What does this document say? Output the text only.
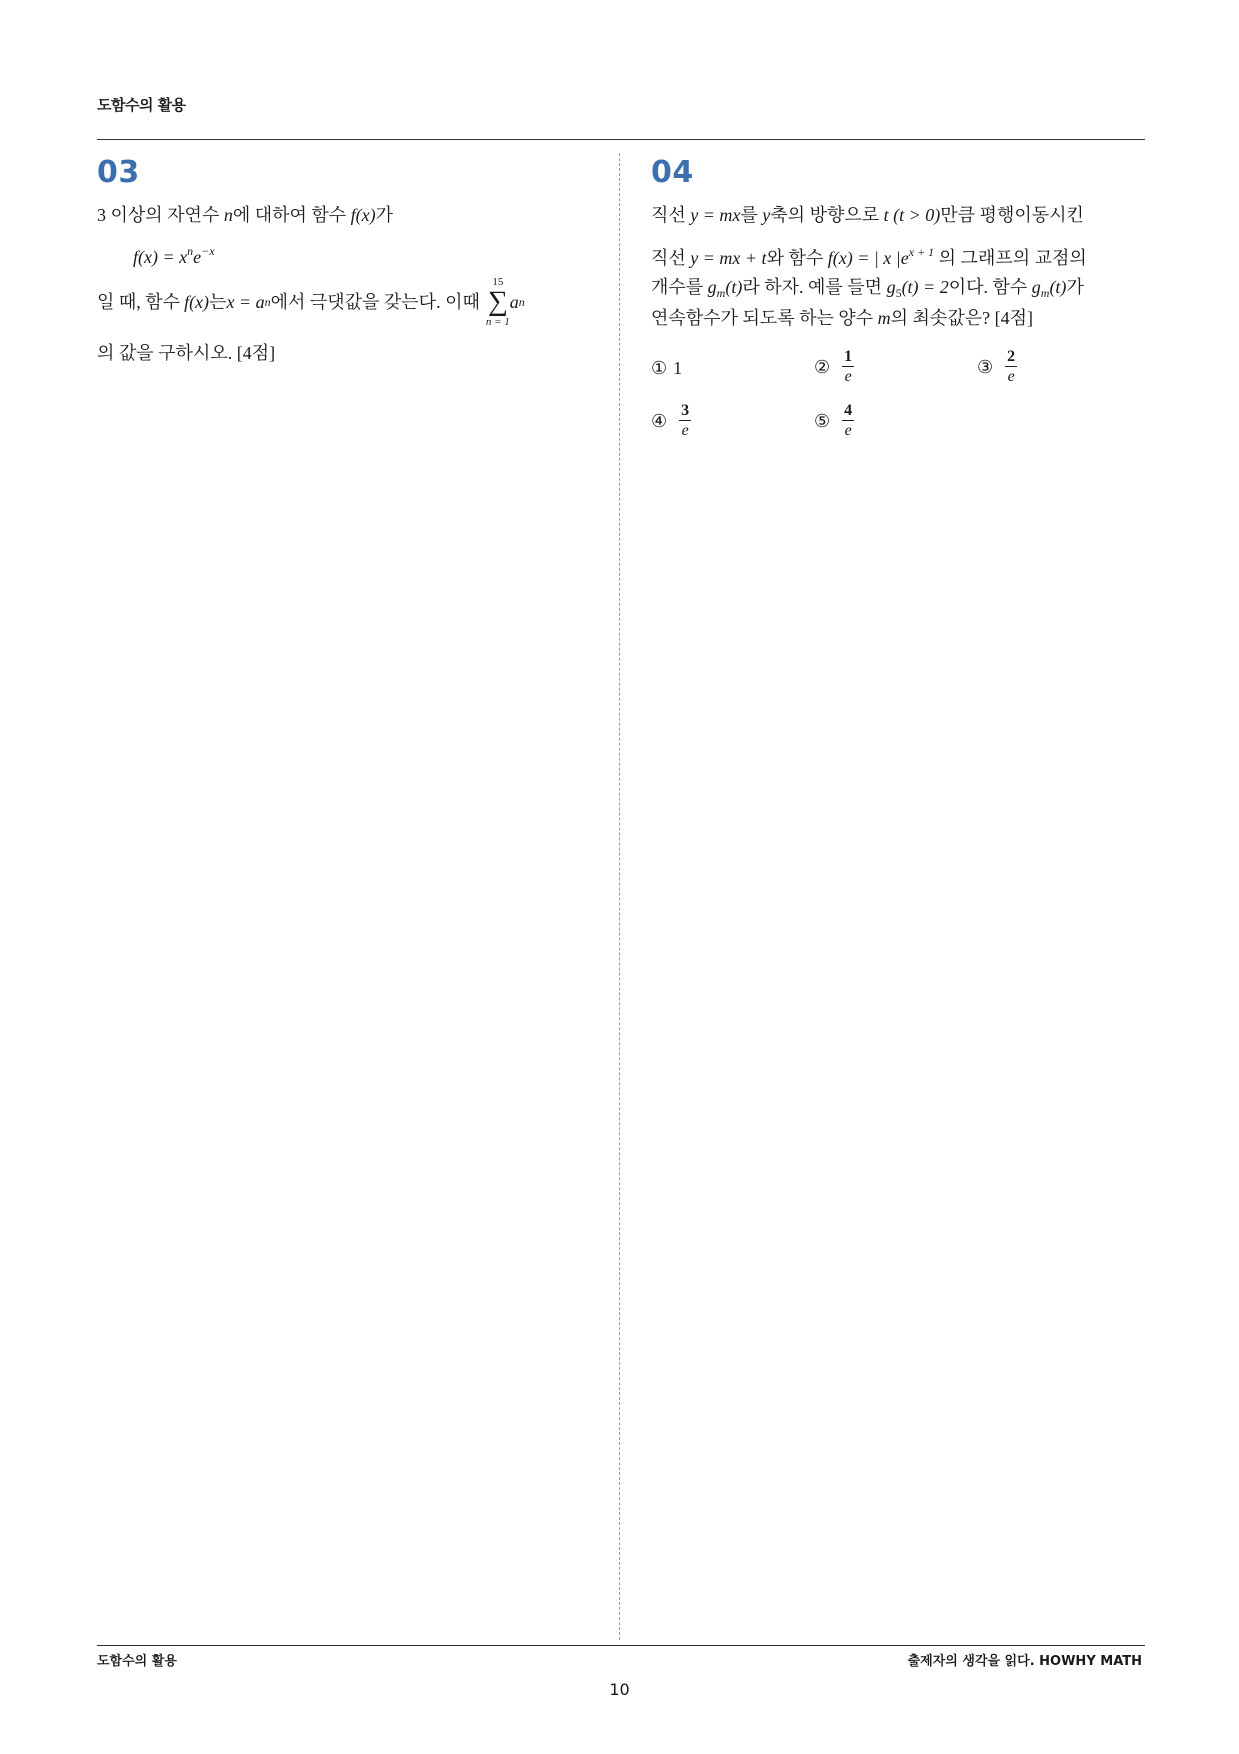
도함수의 활용
03
3 이상의 자연수 n에 대하여 함수 f(x)가
$f(x) = x^ne^{-x}$
일 때, 함수 f(x) 는 x = a n 에서 극댓값을 갖는다. 이때
15
∑
n = 1
a n
의 값을 구하시오. [4점]
04
직선 y = mx를 y축의 방향으로 t (t > 0)만큼 평행이동시킨
직선 y = mx + t와 함수 f(x) = | x $|e^{x + 1}$ 의 그래프의 교점의
개수를 $g_m(t)$라 하자. 예를 들면 $g_5(t) = 2$이다. 함수 $g_m(t)$가
연속함수가 되도록 하는 양수 m의 최솟값은? [4점]
① 1	② $\frac{1}{e}$	③ $\frac{2}{e}$
④ $\frac{3}{e}$	⑤ $\frac{4}{e}$
도함수의 활용	출제자의 생각을 읽다. HOWHY MATH
10
